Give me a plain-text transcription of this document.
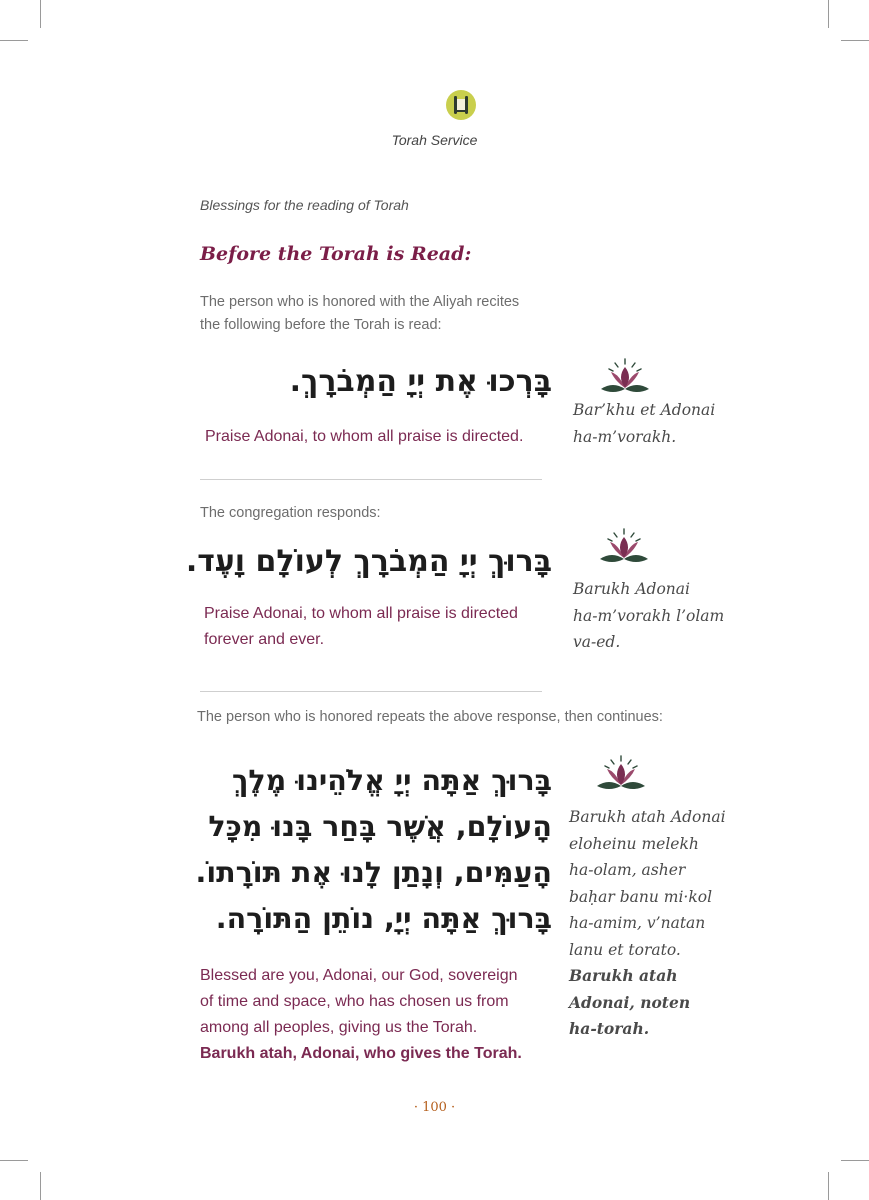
Torah Service
Blessings for the reading of Torah
Before the Torah is Read:
The person who is honored with the Aliyah recites
the following before the Torah is read:
בָּרְכוּ אֶת יְיָ הַמְבֹרָךְ.
Praise Adonai, to whom all praise is directed.
Bar’khu et Adonai
ha-m’vorakh.
The congregation responds:
בָּרוּךְ יְיָ הַמְבֹרָךְ לְעוֹלָם וָעֶד.
Praise Adonai, to whom all praise is directed
forever and ever.
Barukh Adonai
ha-m’vorakh l’olam
va-ed.
The person who is honored repeats the above response, then continues:
בָּרוּךְ אַתָּה יְיָ אֱלֹהֵינוּ מֶלֶךְ
הָעוֹלָם, אֲשֶׁר בָּחַר בָּנוּ מִכָּל
הָעַמִּים, וְנָתַן לָנוּ אֶת תּוֹרָתוֹ.
בָּרוּךְ אַתָּה יְיָ, נוֹתֵן הַתּוֹרָה.
Blessed are you, Adonai, our God, sovereign
of time and space, who has chosen us from
among all peoples, giving us the Torah.
Barukh atah, Adonai, who gives the Torah.
Barukh atah Adonai
eloheinu melekh
ha-olam, asher
baḥar banu mi·kol
ha-amim, v’natan
lanu et torato.
Barukh atah
Adonai, noten
ha-torah.
· 100 ·
